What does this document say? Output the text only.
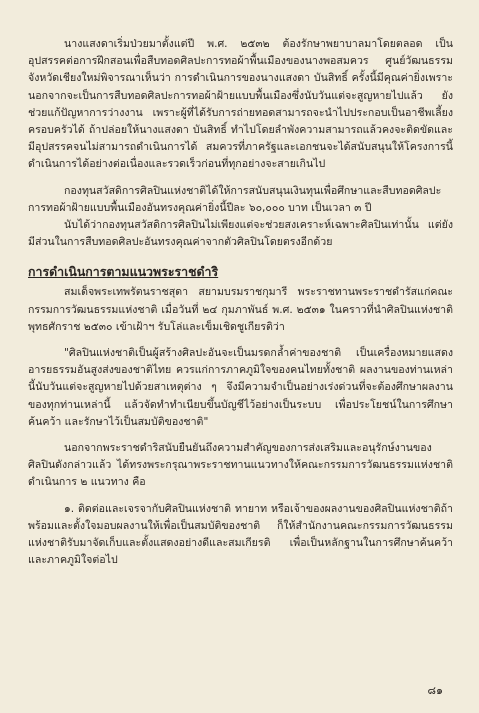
นางแสงดาเริ่มป่วยมาตั้งแต่ปี พ.ศ. ๒๕๓๒ ต้องรักษาพยาบาลมาโดยตลอด เป็นอุปสรรคต่อการฝึกสอนเพื่อสืบทอดศิลปะการทอผ้าพื้นเมืองของนางพอสมควร ศูนย์วัฒนธรรมจังหวัดเชียงใหม่พิจารณาเห็นว่า การดำเนินการของนางแสงดา บันสิทธิ์ ครั้งนี้มีคุณค่ายิ่งเพราะนอกจากจะเป็นการสืบทอดศิลปะการทอผ้าฝ้ายแบบพื้นเมืองซึ่งนับวันแต่จะสูญหายไปแล้ว ยังช่วยแก้ปัญหาการว่างงาน เพราะผู้ที่ได้รับการถ่ายทอดสามารถจะนำไปประกอบเป็นอาชีพเลี้ยงครอบครัวได้ ถ้าปล่อยให้นางแสงดา บันสิทธิ์ ทำไปโดยลำพังความสามารถแล้วคงจะติดขัดและมีอุปสรรคจนไม่สามารถดำเนินการได้ สมควรที่ภาครัฐและเอกชนจะได้สนับสนุนให้โครงการนี้ดำเนินการได้อย่างต่อเนื่องและรวดเร็วก่อนที่ทุกอย่างจะสายเกินไป

กองทุนสวัสดิการศิลปินแห่งชาติได้ให้การสนับสนุนเงินทุนเพื่อศึกษาและสืบทอดศิลปะการทอผ้าฝ้ายแบบพื้นเมืองอันทรงคุณค่ายิ่งนี้ปีละ ๖๐,๐๐๐ บาท เป็นเวลา ๓ ปี

นับได้ว่ากองทุนสวัสดิการศิลปินไม่เพียงแต่จะช่วยสงเคราะห์เฉพาะศิลปินเท่านั้น แต่ยังมีส่วนในการสืบทอดศิลปะอันทรงคุณค่าจากตัวศิลปินโดยตรงอีกด้วย

การดำเนินการตามแนวพระราชดำริ

สมเด็จพระเทพรัตนราชสุดา สยามบรมราชกุมารี พระราชทานพระราชดำรัสแก่คณะกรรมการวัฒนธรรมแห่งชาติ เมื่อวันที่ ๒๔ กุมภาพันธ์ พ.ศ. ๒๕๓๑ ในคราวที่นำศิลปินแห่งชาติพุทธศักราช ๒๕๓๐ เข้าเฝ้าฯ รับโล่และเข็มเชิดชูเกียรติว่า

"ศิลปินแห่งชาติเป็นผู้สร้างศิลปะอันจะเป็นมรดกล้ำค่าของชาติ เป็นเครื่องหมายแสดงอารยธรรมอันสูงส่งของชาติไทย ควรแก่การภาคภูมิใจของคนไทยทั้งชาติ ผลงานของท่านเหล่านี้นับวันแต่จะสูญหายไปด้วยสาเหตุต่าง ๆ จึงมีความจำเป็นอย่างเร่งด่วนที่จะต้องศึกษาผลงานของทุกท่านเหล่านี้ แล้วจัดทำทำเนียบขึ้นบัญชีไว้อย่างเป็นระบบ เพื่อประโยชน์ในการศึกษา ค้นคว้า และรักษาไว้เป็นสมบัติของชาติ"

นอกจากพระราชดำริสนับยืนยันถึงความสำคัญของการส่งเสริมและอนุรักษ์งานของศิลปินดังกล่าวแล้ว ได้ทรงพระกรุณาพระราชทานแนวทางให้คณะกรรมการวัฒนธรรมแห่งชาติดำเนินการ ๒ แนวทาง คือ

๑. ติดต่อและเจรจากับศิลปินแห่งชาติ ทายาท หรือเจ้าของผลงานของศิลปินแห่งชาติถ้าพร้อมและตั้งใจมอบผลงานให้เพื่อเป็นสมบัติของชาติ ก็ให้สำนักงานคณะกรรมการวัฒนธรรมแห่งชาติรับมาจัดเก็บและตั้งแสดงอย่างดีและสมเกียรติ เพื่อเป็นหลักฐานในการศึกษาค้นคว้าและภาคภูมิใจต่อไป

๘๑
